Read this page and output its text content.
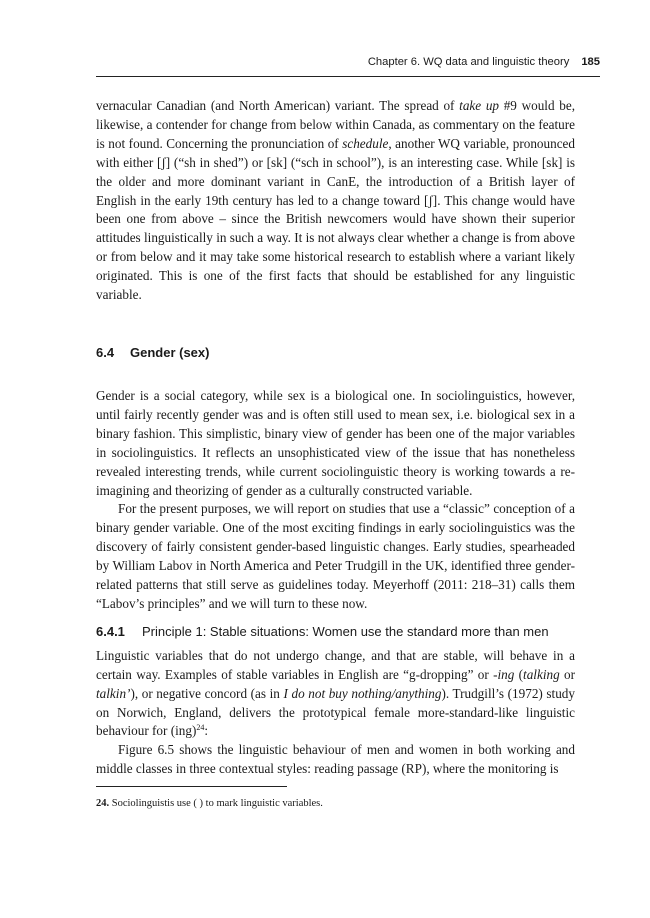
Chapter 6. WQ data and linguistic theory 185

vernacular Canadian (and North American) variant. The spread of take up #9 would be, likewise, a contender for change from below within Canada, as commentary on the feature is not found. Concerning the pronunciation of schedule, another WQ variable, pronounced with either [ʃ] (“sh in shed”) or [sk] (“sch in school”), is an interesting case. While [sk] is the older and more dominant variant in CanE, the introduction of a British layer of English in the early 19th century has led to a change toward [ʃ]. This change would have been one from above – since the British newcomers would have shown their superior attitudes linguistically in such a way. It is not always clear whether a change is from above or from below and it may take some historical research to establish where a variant likely originated. This is one of the first facts that should be established for any linguistic variable.

6.4 Gender (sex)

Gender is a social category, while sex is a biological one. In sociolinguistics, however, until fairly recently gender was and is often still used to mean sex, i.e. biological sex in a binary fashion. This simplistic, binary view of gender has been one of the major variables in sociolinguistics. It reflects an unsophisticated view of the issue that has nonetheless revealed interesting trends, while current sociolinguistic theory is working towards a re-imagining and theorizing of gender as a culturally constructed variable.

For the present purposes, we will report on studies that use a “classic” conception of a binary gender variable. One of the most exciting findings in early sociolinguistics was the discovery of fairly consistent gender-based linguistic changes. Early studies, spearheaded by William Labov in North America and Peter Trudgill in the UK, identified three gender-related patterns that still serve as guidelines today. Meyerhoff (2011: 218–31) calls them “Labov’s principles” and we will turn to these now.

6.4.1 Principle 1: Stable situations: Women use the standard more than men

Linguistic variables that do not undergo change, and that are stable, will behave in a certain way. Examples of stable variables in English are “g-dropping” or -ing (talking or talkin’), or negative concord (as in I do not buy nothing/anything). Trudgill’s (1972) study on Norwich, England, delivers the prototypical female more-standard-like linguistic behaviour for (ing)$^{24}$:

Figure 6.5 shows the linguistic behaviour of men and women in both working and middle classes in three contextual styles: reading passage (RP), where the monitoring is

24. Sociolinguistis use ( ) to mark linguistic variables.
